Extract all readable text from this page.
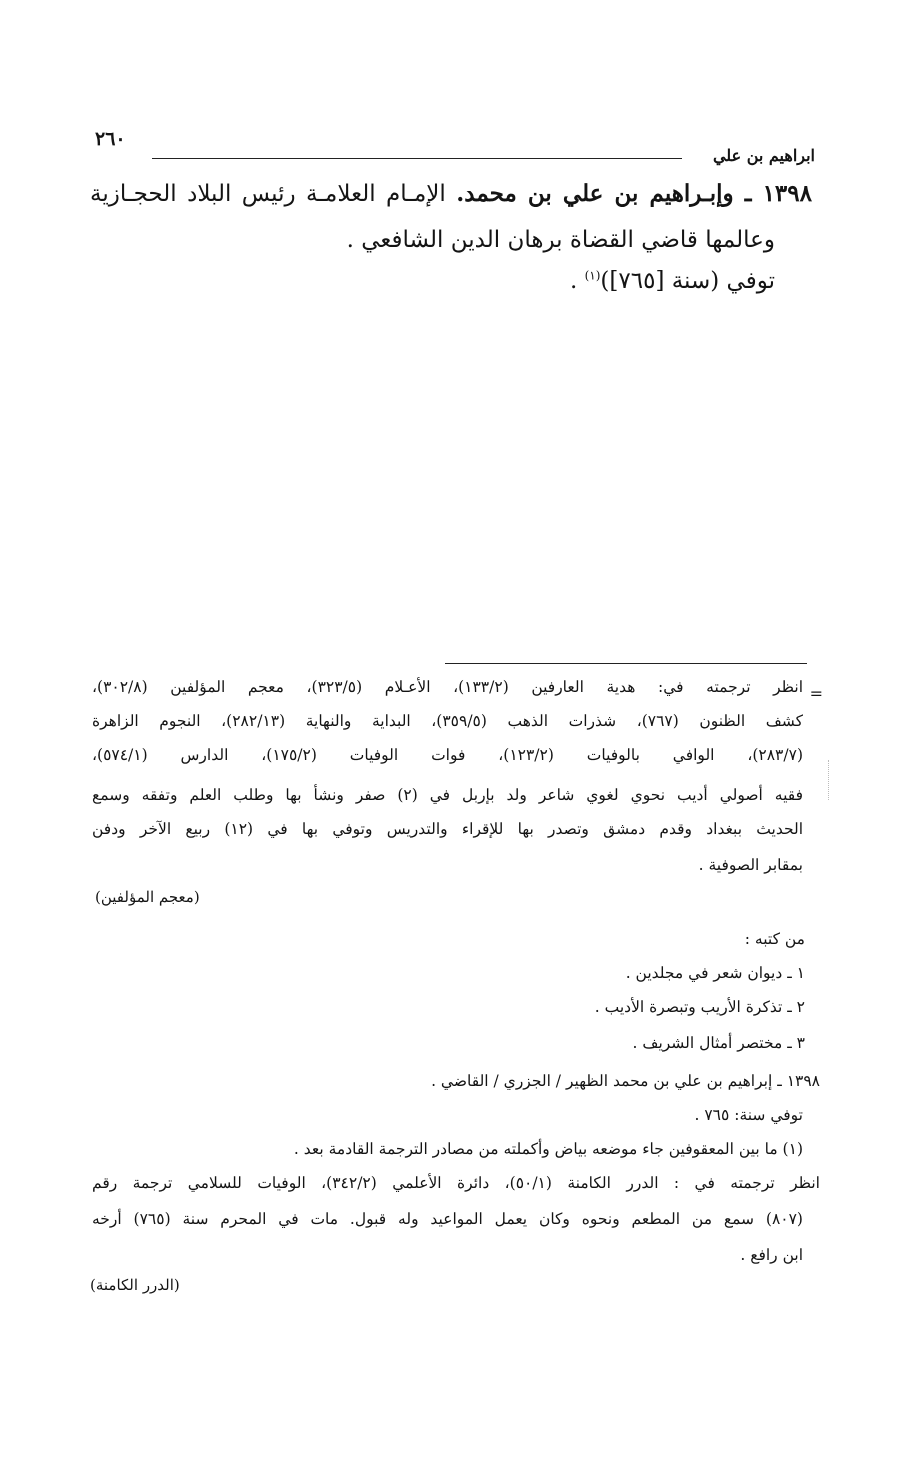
ابراهيم بن علي
٢٦٠
١٣٩٨ ـ وإبـراهيم بن علي بن محمد. الإمـام العلامـة رئيس البلاد الحجـازية
وعالمها قاضي القضاة برهان الدين الشافعي .
توفي (سنة [٧٦٥])$^{(١)}$ .
=
انظر ترجمته في: هدية العارفين (١٣٣/٢)، الأعـلام (٣٢٣/٥)، معجم المؤلفين (٣٠٢/٨)،
كشف الظنون (٧٦٧)، شذرات الذهب (٣٥٩/٥)، البداية والنهاية (٢٨٢/١٣)، النجوم الزاهرة
(٢٨٣/٧)، الوافي بالوفيات (١٢٣/٢)، فوات الوفيات (١٧٥/٢)، الدارس (٥٧٤/١)،
فقيه أصولي أديب نحوي لغوي شاعر ولد بإربل في (٢) صفر ونشأ بها وطلب العلم وتفقه وسمع
الحديث ببغداد وقدم دمشق وتصدر بها للإقراء والتدريس وتوفي بها في (١٢) ربيع الآخر ودفن
بمقابر الصوفية .
(معجم المؤلفين)
من كتبه :
١ ـ ديوان شعر في مجلدين .
٢ ـ تذكرة الأريب وتبصرة الأديب .
٣ ـ مختصر أمثال الشريف .
١٣٩٨ ـ إبراهيم بن علي بن محمد الظهير / الجزري / القاضي .
توفي سنة: ٧٦٥ .
(١) ما بين المعقوفين جاء موضعه بياض وأكملته من مصادر الترجمة القادمة بعد .
انظر ترجمته في : الدرر الكامنة (٥٠/١)، دائرة الأعلمي (٣٤٢/٢)، الوفيات للسلامي ترجمة رقم
(٨٠٧) سمع من المطعم ونحوه وكان يعمل المواعيد وله قبول. مات في المحرم سنة (٧٦٥) أرخه
ابن رافع .
(الدرر الكامنة)
